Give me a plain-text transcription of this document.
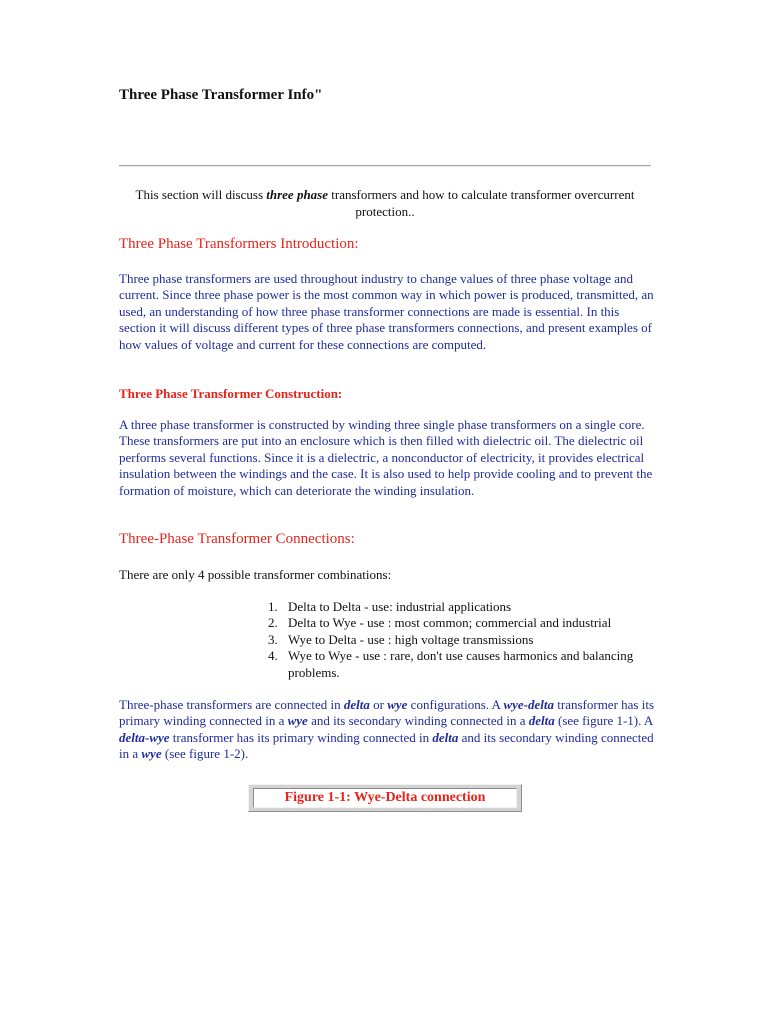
Three Phase Transformer Info"
This section will discuss three phase transformers and how to calculate transformer overcurrent protection..
Three Phase Transformers Introduction:
Three phase transformers are used throughout industry to change values of three phase voltage and current. Since three phase power is the most common way in which power is produced, transmitted, an used, an understanding of how three phase transformer connections are made is essential. In this section it will discuss different types of three phase transformers connections, and present examples of how values of voltage and current for these connections are computed.
Three Phase Transformer Construction:
A three phase transformer is constructed by winding three single phase transformers on a single core. These transformers are put into an enclosure which is then filled with dielectric oil. The dielectric oil performs several functions. Since it is a dielectric, a nonconductor of electricity, it provides electrical insulation between the windings and the case. It is also used to help provide cooling and to prevent the formation of moisture, which can deteriorate the winding insulation.
Three-Phase Transformer Connections:
There are only 4 possible transformer combinations:
1. Delta to Delta - use: industrial applications
2. Delta to Wye - use : most common; commercial and industrial
3. Wye to Delta - use : high voltage transmissions
4. Wye to Wye - use : rare, don't use causes harmonics and balancing problems.
Three-phase transformers are connected in delta or wye configurations. A wye-delta transformer has its primary winding connected in a wye and its secondary winding connected in a delta (see figure 1-1). A delta-wye transformer has its primary winding connected in delta and its secondary winding connected in a wye (see figure 1-2).
Figure 1-1: Wye-Delta connection
